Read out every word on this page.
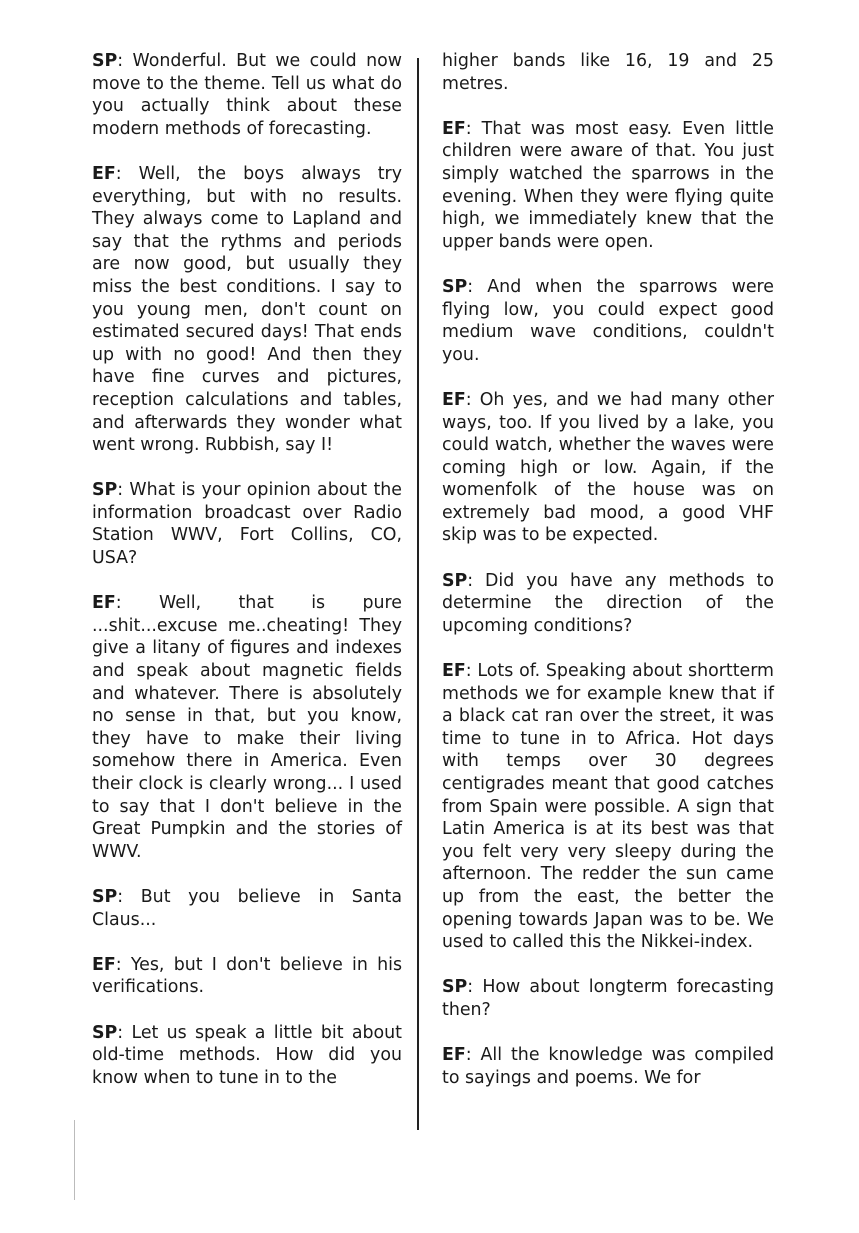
SP: Wonderful. But we could now move to the theme. Tell us what do you actually think about these modern methods of forecasting.

EF: Well, the boys always try everything, but with no results. They always come to Lapland and say that the rythms and periods are now good, but usually they miss the best conditions. I say to you young men, don't count on estimated secured days! That ends up with no good! And then they have fine curves and pictures, reception calculations and tables, and afterwards they wonder what went wrong. Rubbish, say I!

SP: What is your opinion about the information broadcast over Radio Station WWV, Fort Collins, CO, USA?

EF: Well, that is pure ...shit...excuse me..cheating! They give a litany of figures and indexes and speak about magnetic fields and whatever. There is absolutely no sense in that, but you know, they have to make their living somehow there in America. Even their clock is clearly wrong... I used to say that I don't believe in the Great Pumpkin and the stories of WWV.

SP: But you believe in Santa Claus...

EF: Yes, but I don't believe in his verifications.

SP: Let us speak a little bit about old-time methods. How did you know when to tune in to the

higher bands like 16, 19 and 25 metres.

EF: That was most easy. Even little children were aware of that. You just simply watched the sparrows in the evening. When they were flying quite high, we immediately knew that the upper bands were open.

SP: And when the sparrows were flying low, you could expect good medium wave conditions, couldn't you.

EF: Oh yes, and we had many other ways, too. If you lived by a lake, you could watch, whether the waves were coming high or low. Again, if the womenfolk of the house was on extremely bad mood, a good VHF skip was to be expected.

SP: Did you have any methods to determine the direction of the upcoming conditions?

EF: Lots of. Speaking about shortterm methods we for example knew that if a black cat ran over the street, it was time to tune in to Africa. Hot days with temps over 30 degrees centigrades meant that good catches from Spain were possible. A sign that Latin America is at its best was that you felt very very sleepy during the afternoon. The redder the sun came up from the east, the better the opening towards Japan was to be. We used to called this the Nikkei-index.

SP: How about longterm forecasting then?

EF: All the knowledge was compiled to sayings and poems. We for
